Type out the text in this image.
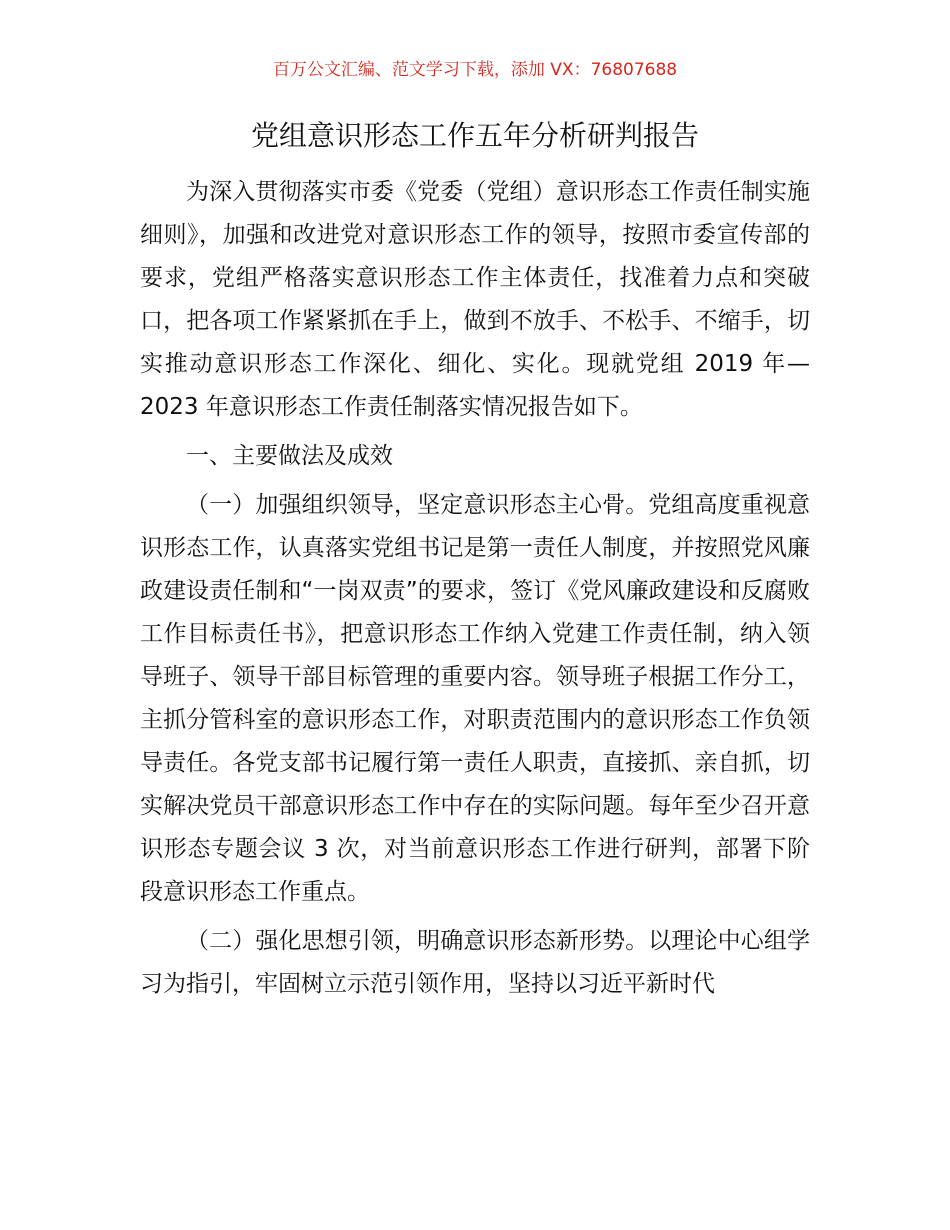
百万公文汇编、范文学习下载，添加 VX：76807688
党组意识形态工作五年分析研判报告

为深入贯彻落实市委《党委（党组）意识形态工作责任制实施细则》，加强和改进党对意识形态工作的领导，按照市委宣传部的要求，党组严格落实意识形态工作主体责任，找准着力点和突破口，把各项工作紧紧抓在手上，做到不放手、不松手、不缩手，切实推动意识形态工作深化、细化、实化。现就党组 2019 年—2023 年意识形态工作责任制落实情况报告如下。

一、主要做法及成效

（一）加强组织领导，坚定意识形态主心骨。党组高度重视意识形态工作，认真落实党组书记是第一责任人制度，并按照党风廉政建设责任制和“一岗双责”的要求，签订《党风廉政建设和反腐败工作目标责任书》，把意识形态工作纳入党建工作责任制，纳入领导班子、领导干部目标管理的重要内容。领导班子根据工作分工，主抓分管科室的意识形态工作，对职责范围内的意识形态工作负领导责任。各党支部书记履行第一责任人职责，直接抓、亲自抓，切实解决党员干部意识形态工作中存在的实际问题。每年至少召开意识形态专题会议 3 次，对当前意识形态工作进行研判，部署下阶段意识形态工作重点。

（二）强化思想引领，明确意识形态新形势。以理论中心组学习为指引，牢固树立示范引领作用，坚持以习近平新时代
